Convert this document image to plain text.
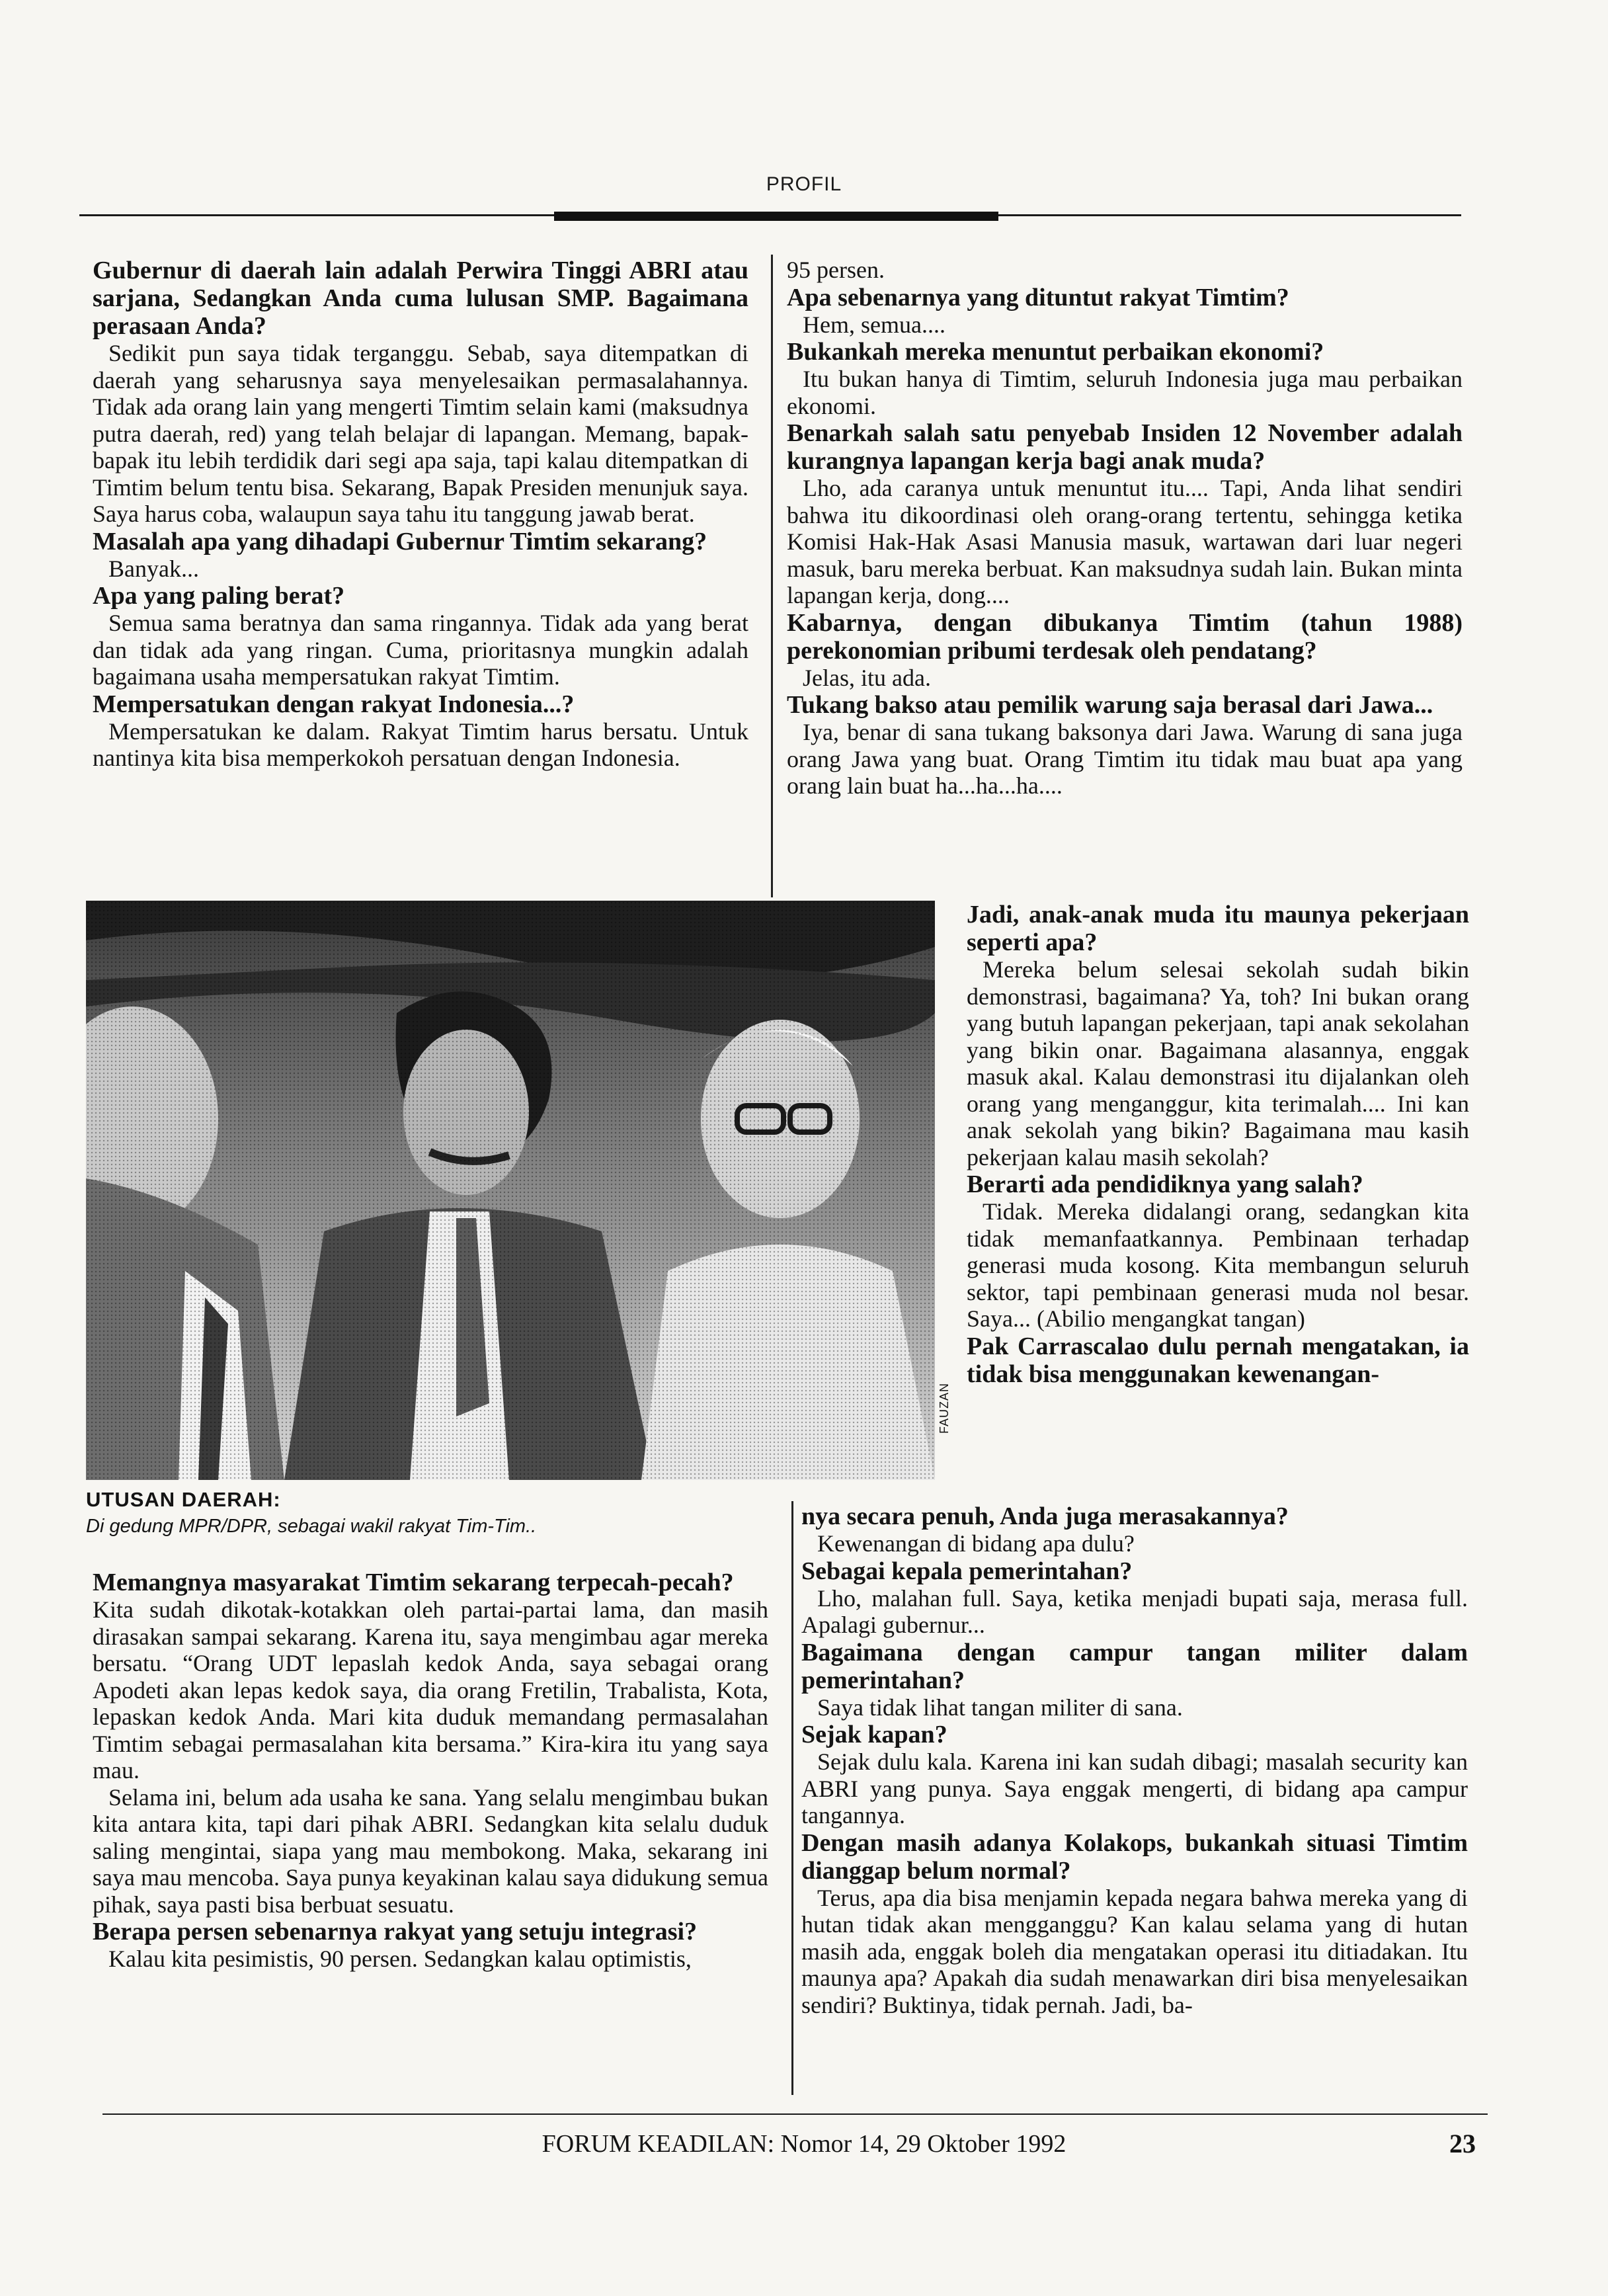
PROFIL

Gubernur di daerah lain adalah Perwira Tinggi ABRI atau sarjana, Sedangkan Anda cuma lulusan SMP. Bagaimana perasaan Anda?

Sedikit pun saya tidak terganggu. Sebab, saya ditempatkan di daerah yang seharusnya saya menyelesaikan permasalahannya. Tidak ada orang lain yang mengerti Timtim selain kami (maksudnya putra daerah, red) yang telah belajar di lapangan. Memang, bapak-bapak itu lebih terdidik dari segi apa saja, tapi kalau ditempatkan di Timtim belum tentu bisa. Sekarang, Bapak Presiden menunjuk saya. Saya harus coba, walaupun saya tahu itu tanggung jawab berat.

Masalah apa yang dihadapi Gubernur Timtim sekarang?

Banyak...

Apa yang paling berat?

Semua sama beratnya dan sama ringannya. Tidak ada yang berat dan tidak ada yang ringan. Cuma, prioritasnya mungkin adalah bagaimana usaha mempersatukan rakyat Timtim.

Mempersatukan dengan rakyat Indonesia...?

Mempersatukan ke dalam. Rakyat Timtim harus bersatu. Untuk nantinya kita bisa memperkokoh persatuan dengan Indonesia.

95 persen.

Apa sebenarnya yang dituntut rakyat Timtim?

Hem, semua....

Bukankah mereka menuntut perbaikan ekonomi?

Itu bukan hanya di Timtim, seluruh Indonesia juga mau perbaikan ekonomi.

Benarkah salah satu penyebab Insiden 12 November adalah kurangnya lapangan kerja bagi anak muda?

Lho, ada caranya untuk menuntut itu.... Tapi, Anda lihat sendiri bahwa itu dikoordinasi oleh orang-orang tertentu, sehingga ketika Komisi Hak-Hak Asasi Manusia masuk, wartawan dari luar negeri masuk, baru mereka berbuat. Kan maksudnya sudah lain. Bukan minta lapangan kerja, dong....

Kabarnya, dengan dibukanya Timtim (tahun 1988) perekonomian pribumi terdesak oleh pendatang?

Jelas, itu ada.

Tukang bakso atau pemilik warung saja berasal dari Jawa...

Iya, benar di sana tukang baksonya dari Jawa. Warung di sana juga orang Jawa yang buat. Orang Timtim itu tidak mau buat apa yang orang lain buat ha...ha...ha....

FAUZAN

Jadi, anak-anak muda itu maunya pekerjaan seperti apa?

Mereka belum selesai sekolah sudah bikin demonstrasi, bagaimana? Ya, toh? Ini bukan orang yang butuh lapangan pekerjaan, tapi anak sekolahan yang bikin onar. Bagaimana alasannya, enggak masuk akal. Kalau demonstrasi itu dijalankan oleh orang yang menganggur, kita terimalah.... Ini kan anak sekolah yang bikin? Bagaimana mau kasih pekerjaan kalau masih sekolah?

Berarti ada pendidiknya yang salah?

Tidak. Mereka didalangi orang, sedangkan kita tidak memanfaatkannya. Pembinaan terhadap generasi muda kosong. Kita membangun seluruh sektor, tapi pembinaan generasi muda nol besar. Saya... (Abilio mengangkat tangan)

Pak Carrascalao dulu pernah mengatakan, ia tidak bisa menggunakan kewenangan-

UTUSAN DAERAH:
Di gedung MPR/DPR, sebagai wakil rakyat Tim-Tim..

Memangnya masyarakat Timtim sekarang terpecah-pecah?

Kita sudah dikotak-kotakkan oleh partai-partai lama, dan masih dirasakan sampai sekarang. Karena itu, saya mengimbau agar mereka bersatu. “Orang UDT lepaslah kedok Anda, saya sebagai orang Apodeti akan lepas kedok saya, dia orang Fretilin, Trabalista, Kota, lepaskan kedok Anda. Mari kita duduk memandang permasalahan Timtim sebagai permasalahan kita bersama.” Kira-kira itu yang saya mau.

Selama ini, belum ada usaha ke sana. Yang selalu mengimbau bukan kita antara kita, tapi dari pihak ABRI. Sedangkan kita selalu duduk saling mengintai, siapa yang mau membokong. Maka, sekarang ini saya mau mencoba. Saya punya keyakinan kalau saya didukung semua pihak, saya pasti bisa berbuat sesuatu.

Berapa persen sebenarnya rakyat yang setuju integrasi?

Kalau kita pesimistis, 90 persen. Sedangkan kalau optimistis,

nya secara penuh, Anda juga merasakannya?

Kewenangan di bidang apa dulu?

Sebagai kepala pemerintahan?

Lho, malahan full. Saya, ketika menjadi bupati saja, merasa full. Apalagi gubernur...

Bagaimana dengan campur tangan militer dalam pemerintahan?

Saya tidak lihat tangan militer di sana.

Sejak kapan?

Sejak dulu kala. Karena ini kan sudah dibagi; masalah security kan ABRI yang punya. Saya enggak mengerti, di bidang apa campur tangannya.

Dengan masih adanya Kolakops, bukankah situasi Timtim dianggap belum normal?

Terus, apa dia bisa menjamin kepada negara bahwa mereka yang di hutan tidak akan mengganggu? Kan kalau selama yang di hutan masih ada, enggak boleh dia mengatakan operasi itu ditiadakan. Itu maunya apa? Apakah dia sudah menawarkan diri bisa menyelesaikan sendiri? Buktinya, tidak pernah. Jadi, ba-

FORUM KEADILAN: Nomor 14, 29 Oktober 1992	23
